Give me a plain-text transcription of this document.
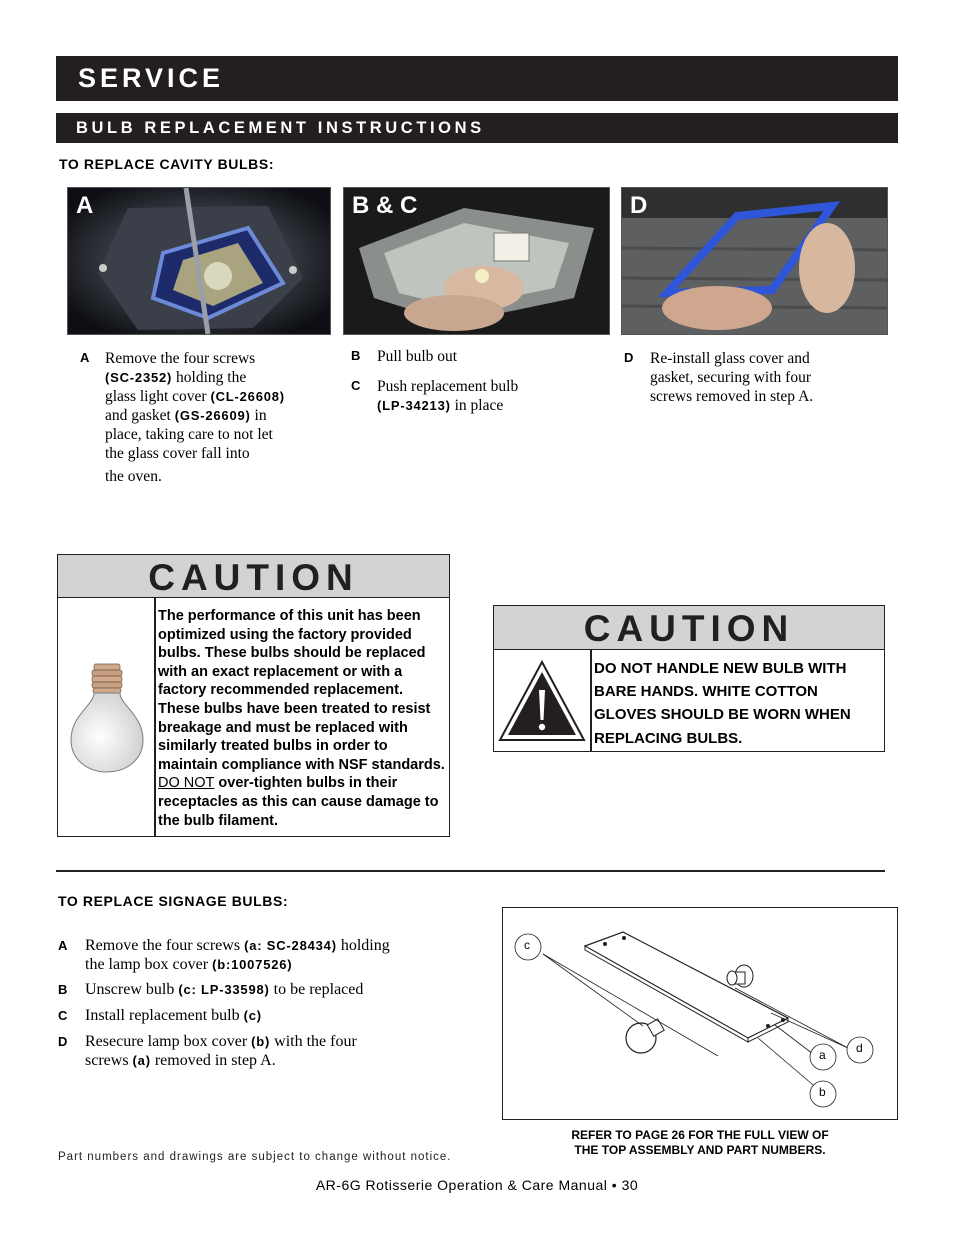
SERVICE
BULB REPLACEMENT INSTRUCTIONS
TO REPLACE CAVITY BULBS:
A	B & C	D
A Remove the four screws
(SC-2352) holding the
glass light cover (CL-26608)
and gasket (GS-26609) in
place, taking care to not let
the glass cover fall into
the oven.
B Pull bulb out
C Push replacement bulb
(LP-34213) in place
D Re-install glass cover and
gasket, securing with four
screws removed in step A.
CAUTION
The performance of this unit has been optimized using the factory provided bulbs. These bulbs should be replaced with an exact replacement or with a factory recommended replacement. These bulbs have been treated to resist breakage and must be replaced with similarly treated bulbs in order to maintain compliance with NSF standards. DO NOT over-tighten bulbs in their receptacles as this can cause damage to the bulb filament.
CAUTION
DO NOT HANDLE NEW BULB WITH
BARE HANDS. WHITE COTTON
GLOVES SHOULD BE WORN WHEN
REPLACING BULBS.
TO REPLACE SIGNAGE BULBS:
A Remove the four screws (a: SC-28434) holding
the lamp box cover (b:1007526)
B Unscrew bulb (c: LP-33598) to be replaced
C Install replacement bulb (c)
D Resecure lamp box cover (b) with the four
screws (a) removed in step A.
c
a	d
b
REFER TO PAGE 26 FOR THE FULL VIEW OF
THE TOP ASSEMBLY AND PART NUMBERS.
Part numbers and drawings are subject to change without notice.
AR-6G Rotisserie Operation & Care Manual • 30
